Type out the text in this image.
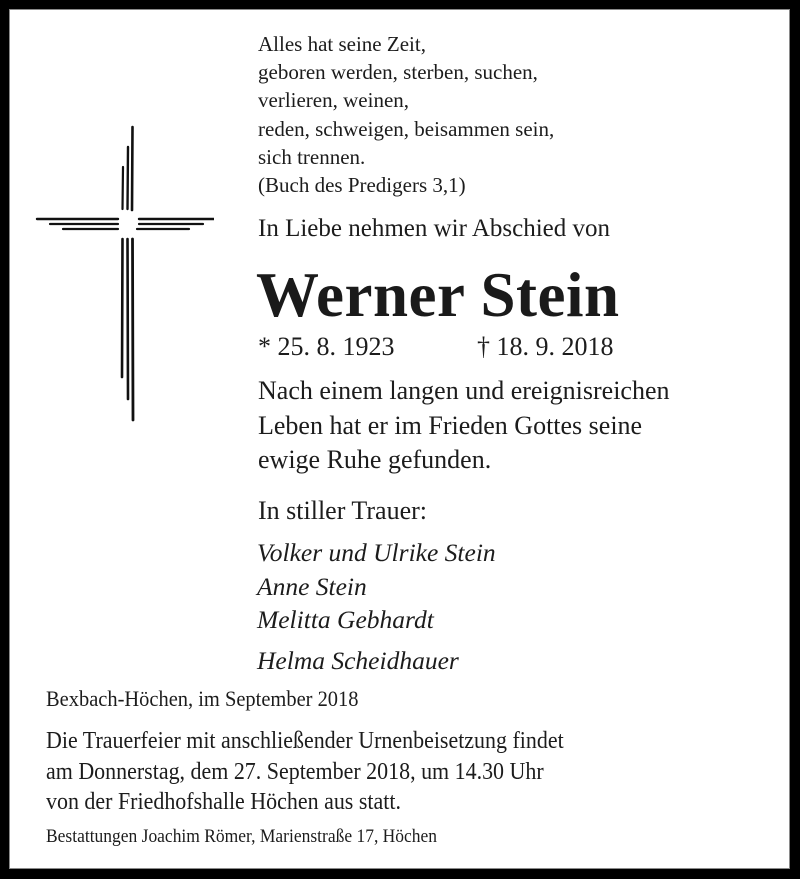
Alles hat seine Zeit,
geboren werden, sterben, suchen,
verlieren, weinen,
reden, schweigen, beisammen sein,
sich trennen.
(Buch des Predigers 3,1)
In Liebe nehmen wir Abschied von
Werner Stein
* 25. 8. 1923	† 18. 9. 2018
Nach einem langen und ereignisreichen
Leben hat er im Frieden Gottes seine
ewige Ruhe gefunden.
In stiller Trauer:
Volker und Ulrike Stein
Anne Stein
Melitta Gebhardt
Helma Scheidhauer
Bexbach-Höchen, im September 2018
Die Trauerfeier mit anschließender Urnenbeisetzung findet
am Donnerstag, dem 27. September 2018, um 14.30 Uhr
von der Friedhofshalle Höchen aus statt.
Bestattungen Joachim Römer, Marienstraße 17, Höchen
